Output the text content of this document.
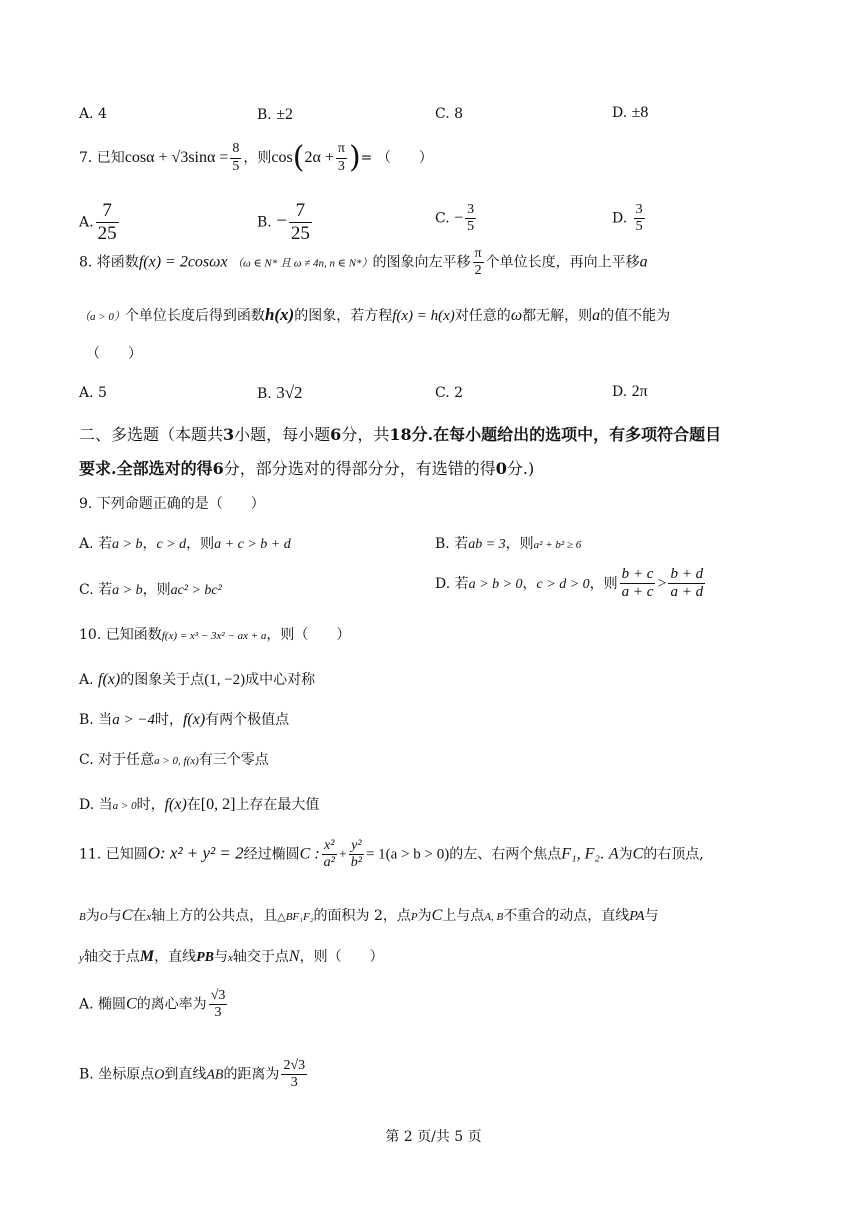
A. 4	B. ±2	C. 8	D. ±8
7. 已知$\cos\alpha + √3\sin\alpha = \frac{8}{5}$ ，则$\cos(2\alpha + \frac{\pi}{3}$ )= （　　）
A. $\frac{7}{25}$	B. − $\frac{7}{25}$	C. − $\frac{3}{5}$	D. $\frac{3}{5}$
8. 将函数f(x) = 2cosωx （ω ∈ N* 且 ω ≠ 4n, n ∈ N*）的图象向左平移 $\frac{\pi}{2}$ 个单位长度，再向上平移a
（a > 0）个单位长度后得到函数h(x)的图象，若方程f(x) = h(x)对任意的ω都无解，则a的值不能为
（　　）
A. 5	B. 3√2	C. 2	D. 2π
二、多选题（本题共3小题，每小题6分，共18分.在每小题给出的选项中，有多项符合题目
要求.全部选对的得6分，部分选对的得部分分，有选错的得0分.)
9. 下列命题正确的是（　　）
A. 若a > b，c > d，则a + c > b + d	B. 若ab = 3，则a² + b² ≥ 6
C. 若a > b，则ac² > bc²	D. 若a > b > 0，c > d > 0，则 $\frac{b + c}{a + c} > \frac{b + d}{a + d}$
10. 已知函数f(x) = x³ − 3x² − ax + a，则（　　）
A. f(x)的图象关于点(1, −2)成中心对称
B. 当a > −4时，f(x)有两个极值点
C. 对于任意a > 0, f(x)有三个零点
D. 当a > 0时，f(x)在[0, 2]上存在最大值
11. 已知圆O: x² + y² = 2经过椭圆C : $\frac{\text{x²}}{\text{a²}} + \frac{\text{y²}}{\text{b²}} = 1(a > b > 0)$的左、右两个焦点F₁, F₂. A为C的右顶点,
B为O与C在x轴上方的公共点，且△BF₁F₂的面积为 2，点P为C上与点A, B不重合的动点，直线PA与
y轴交于点M，直线PB与x轴交于点N，则（　　）
A. 椭圆C的离心率为 $\frac{√3}{3}$
B. 坐标原点O到直线AB的距离为 $\frac{2√3}{3}$
第 2 页/共 5 页
